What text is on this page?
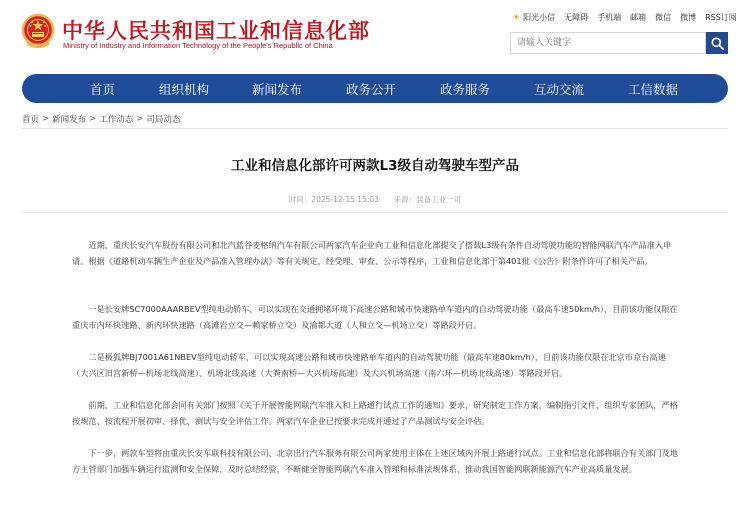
中华人民共和国工业和信息化部
Ministry of Industry and Information Technology of the People's Republic of China
☀ 阳光小信 无障碍 手机端 邮箱 微信 微博 RSS订阅
请输入关键字
首页	组织机构	新闻发布	政务公开	政务服务	互动交流	工信数据
首页 > 新闻发布 > 工作动态 > 司局动态
工业和信息化部许可两款L3级自动驾驶车型产品
时间：2025-12-15 15:03 来源：装备工业一司

近期，重庆长安汽车股份有限公司和北汽蓝谷麦格纳汽车有限公司两家汽车企业向工业和信息化部提交了搭载L3级有条件自动驾驶功能的智能网联汽车产品准入申请。根据《道路机动车辆生产企业及产品准入管理办法》等有关规定，经受理、审查、公示等程序，工业和信息化部于第401批《公告》附条件许可了相关产品。

一是长安牌SC7000AAARBEV型纯电动轿车，可以实现在交通拥堵环境下高速公路和城市快速路单车道内的自动驾驶功能（最高车速50km/h），目前该功能仅限在重庆市内环快速路、新内环快速路（高滩岩立交—赖家桥立交）及渝都大道（人和立交—机场立交）等路段开启。

二是极狐牌BJ7001A61NBEV型纯电动轿车，可以实现高速公路和城市快速路单车道内的自动驾驶功能（最高车速80km/h），目前该功能仅限在北京市京台高速（大兴区旧宫新桥—机场北线高速）、机场北线高速（大粪南桥—大兴机场高速）及大兴机场高速（南六环—机场北线高速）等路段开启。

前期，工业和信息化部会同有关部门按照《关于开展智能网联汽车准入和上路通行试点工作的通知》要求，研究制定工作方案，编制指引文件，组织专家团队，严格按规范、按流程开展初审、择优、测试与安全评估工作。两家汽车企业已按要求完成并通过了产品测试与安全评估。

下一步，两款车型将由重庆长安车联科技有限公司、北京出行汽车服务有限公司两家使用主体在上述区域内开展上路通行试点。工业和信息化部将联合有关部门及地方主管部门加强车辆运行监测和安全保障，及时总结经验，不断健全智能网联汽车准入管理和标准法规体系，推动我国智能网联新能源汽车产业高质量发展。
